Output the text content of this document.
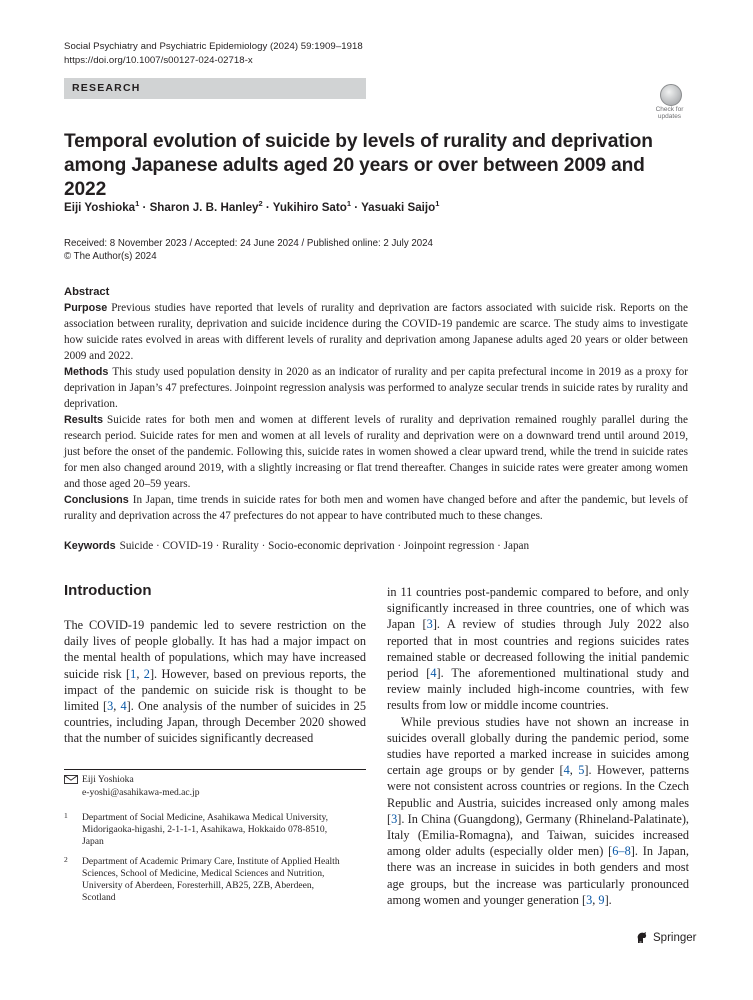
Social Psychiatry and Psychiatric Epidemiology (2024) 59:1909–1918
https://doi.org/10.1007/s00127-024-02718-x
RESEARCH
Check for
updates
Temporal evolution of suicide by levels of rurality and deprivation
among Japanese adults aged 20 years or over between 2009 and 2022
Eiji Yoshioka$^1$ · Sharon J. B. Hanley$^2$ · Yukihiro Sato$^1$ · Yasuaki Saijo$^1$
Received: 8 November 2023 / Accepted: 24 June 2024 / Published online: 2 July 2024
© The Author(s) 2024
Abstract

Purpose Previous studies have reported that levels of rurality and deprivation are factors associated with suicide risk. Reports on the association between rurality, deprivation and suicide incidence during the COVID-19 pandemic are scarce. The study aims to investigate how suicide rates evolved in areas with different levels of rurality and deprivation among Japanese adults aged 20 years or older between 2009 and 2022.

Methods This study used population density in 2020 as an indicator of rurality and per capita prefectural income in 2019 as a proxy for deprivation in Japan’s 47 prefectures. Joinpoint regression analysis was performed to analyze secular trends in suicide rates by rurality and deprivation.

Results Suicide rates for both men and women at different levels of rurality and deprivation remained roughly parallel during the research period. Suicide rates for men and women at all levels of rurality and deprivation were on a downward trend until around 2019, just before the onset of the pandemic. Following this, suicide rates in women showed a clear upward trend, while the trend in suicide rates for men also changed around 2019, with a slightly increasing or flat trend thereafter. Changes in suicide rates were greater among women and those aged 20–59 years.

Conclusions In Japan, time trends in suicide rates for both men and women have changed before and after the pandemic, but levels of rurality and deprivation across the 47 prefectures do not appear to have contributed much to these changes.

Keywords Suicide · COVID-19 · Rurality · Socio-economic deprivation · Joinpoint regression · Japan
Introduction

The COVID-19 pandemic led to severe restriction on the daily lives of people globally. It has had a major impact on the mental health of populations, which may have increased suicide risk [1, 2]. However, based on previous reports, the impact of the pandemic on suicide risk is thought to be limited [3, 4]. One analysis of the number of suicides in 25 countries, including Japan, through December 2020 showed that the number of suicides significantly decreased

in 11 countries post-pandemic compared to before, and only significantly increased in three countries, one of which was Japan [3]. A review of studies through July 2022 also reported that in most countries and regions suicides rates remained stable or decreased following the initial pandemic period [4]. The aforementioned multinational study and review mainly included high-income countries, with few results from low or middle income countries.

While previous studies have not shown an increase in suicides overall globally during the pandemic period, some studies have reported a marked increase in suicides among certain age groups or by gender [4, 5]. However, patterns were not consistent across countries or regions. In the Czech Republic and Austria, suicides increased only among males [3]. In China (Guangdong), Germany (Rhineland-Palatinate), Italy (Emilia-Romagna), and Taiwan, suicides increased among older adults (especially older men) [6–8]. In Japan, there was an increase in suicides in both genders and most age groups, but the increase was particularly pronounced among women and younger generation [3, 9].

Eiji Yoshioka
e-yoshi@asahikawa-med.ac.jp
1	Department of Social Medicine, Asahikawa Medical University, Midorigaoka-higashi, 2-1-1-1, Asahikawa, Hokkaido 078-8510, Japan
2	Department of Academic Primary Care, Institute of Applied Health Sciences, School of Medicine, Medical Sciences and Nutrition, University of Aberdeen, Foresterhill, AB25, 2ZB, Aberdeen, Scotland
Springer
